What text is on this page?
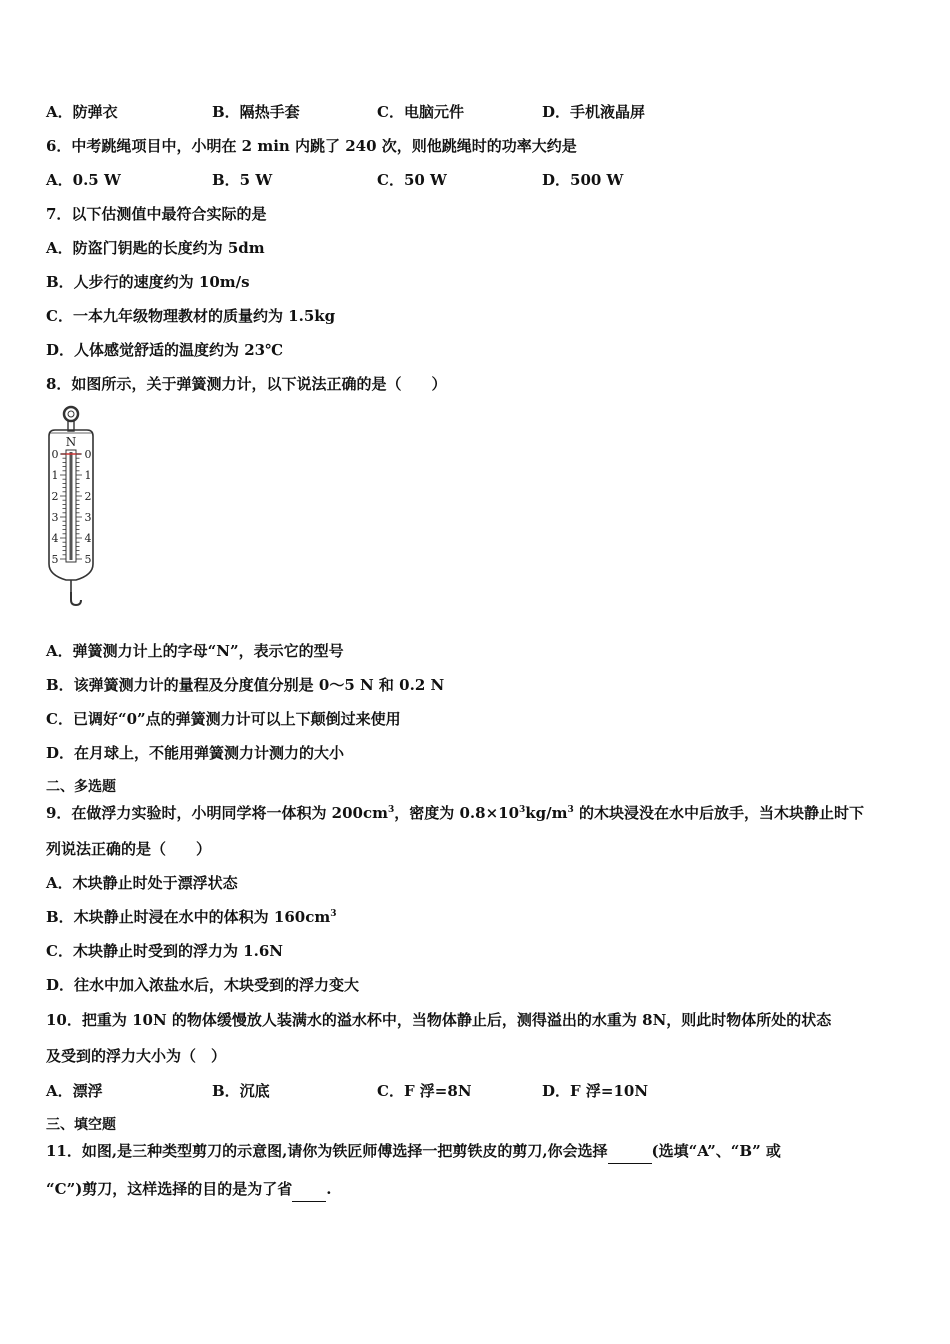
A．防弹衣	B．隔热手套	C．电脑元件	D．手机液晶屏
6．中考跳绳项目中，小明在 2 min 内跳了 240 次，则他跳绳时的功率大约是
A．0.5 W	B．5 W	C．50 W	D．500 W
7．以下估测值中最符合实际的是
A．防盗门钥匙的长度约为 5dm
B．人步行的速度约为 10m/s
C．一本九年级物理教材的质量约为 1.5kg
D．人体感觉舒适的温度约为 23℃
8．如图所示，关于弹簧测力计，以下说法正确的是（　　）
N
0
1
2
3
4
5
0
1
2
3
4
5
A．弹簧测力计上的字母“N”，表示它的型号
B．该弹簧测力计的量程及分度值分别是 0～5 N 和 0.2 N
C．已调好“0”点的弹簧测力计可以上下颠倒过来使用
D．在月球上，不能用弹簧测力计测力的大小
二、多选题
9．在做浮力实验时，小明同学将一体积为 $200cm^3$，密度为 $0.8\times 10^3kg/m^3$ 的木块浸没在水中后放手，当木块静止时下
列说法正确的是（　　）
A．木块静止时处于漂浮状态
B．木块静止时浸在水中的体积为 $160cm^3$
C．木块静止时受到的浮力为 1.6N
D．往水中加入浓盐水后，木块受到的浮力变大
10．把重为 10N 的物体缓慢放人装满水的溢水杯中，当物体静止后，测得溢出的水重为 8N，则此时物体所处的状态
及受到的浮力大小为（　）
A．漂浮	B．沉底	C．F 浮=8N	D．F 浮=10N
三、填空题
11．如图,是三种类型剪刀的示意图,请你为铁匠师傅选择一把剪铁皮的剪刀,你会选择	(选填“A”、“B” 或
“C”)剪刀，这样选择的目的是为了省 .
